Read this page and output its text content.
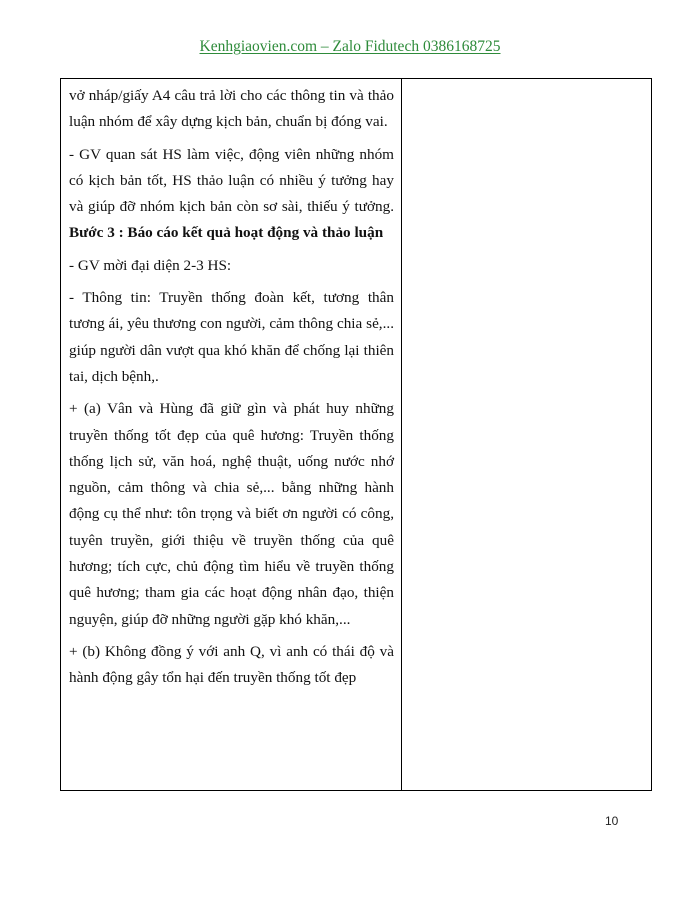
Kenhgiaovien.com – Zalo Fidutech 0386168725

vở nháp/giấy A4 câu trả lời cho các thông tin và thảo luận nhóm để xây dựng kịch bản, chuẩn bị đóng vai.

- GV quan sát HS làm việc, động viên những nhóm có kịch bản tốt, HS thảo luận có nhiều ý tưởng hay và giúp đỡ nhóm kịch bản còn sơ sài, thiếu ý tưởng. Bước 3 : Báo cáo kết quả hoạt động và thảo luận

- GV mời đại diện 2-3 HS:

- Thông tin: Truyền thống đoàn kết, tương thân tương ái, yêu thương con người, cảm thông chia sẻ,... giúp người dân vượt qua khó khăn để chống lại thiên tai, dịch bệnh,.

+ (a) Vân và Hùng đã giữ gìn và phát huy những truyền thống tốt đẹp của quê hương: Truyền thống thống lịch sử, văn hoá, nghệ thuật, uống nước nhớ nguồn, cảm thông và chia sẻ,... bằng những hành động cụ thể như: tôn trọng và biết ơn người có công, tuyên truyền, giới thiệu về truyền thống của quê hương; tích cực, chủ động tìm hiểu về truyền thống quê hương; tham gia các hoạt động nhân đạo, thiện nguyện, giúp đỡ những người gặp khó khăn,...

+ (b) Không đồng ý với anh Q, vì anh có thái độ và hành động gây tổn hại đến truyền thống tốt đẹp

10
